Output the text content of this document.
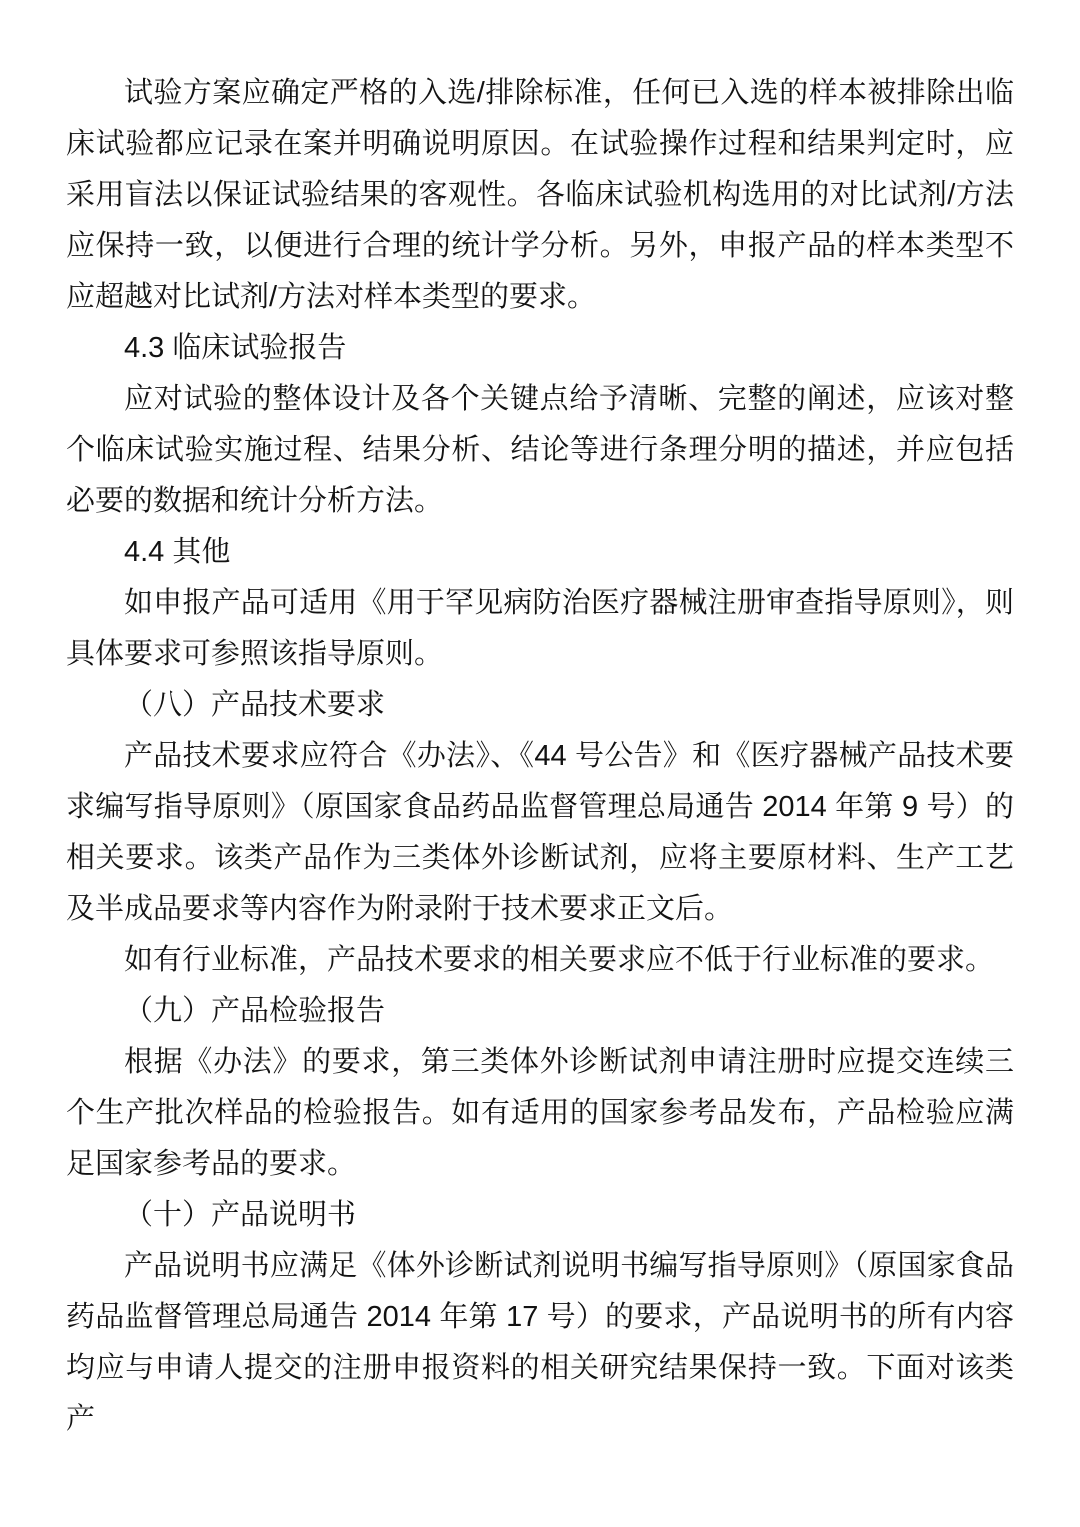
试验方案应确定严格的入选/排除标准，任何已入选的样本被排除出临床试验都应记录在案并明确说明原因。在试验操作过程和结果判定时，应采用盲法以保证试验结果的客观性。各临床试验机构选用的对比试剂/方法应保持一致，以便进行合理的统计学分析。另外，申报产品的样本类型不应超越对比试剂/方法对样本类型的要求。

4.3 临床试验报告

应对试验的整体设计及各个关键点给予清晰、完整的阐述，应该对整个临床试验实施过程、结果分析、结论等进行条理分明的描述，并应包括必要的数据和统计分析方法。

4.4 其他

如申报产品可适用《用于罕见病防治医疗器械注册审查指导原则》，则具体要求可参照该指导原则。

（八）产品技术要求

产品技术要求应符合《办法》、《44 号公告》和《医疗器械产品技术要求编写指导原则》（原国家食品药品监督管理总局通告 2014 年第 9 号）的相关要求。该类产品作为三类体外诊断试剂，应将主要原材料、生产工艺及半成品要求等内容作为附录附于技术要求正文后。

如有行业标准，产品技术要求的相关要求应不低于行业标准的要求。

（九）产品检验报告

根据《办法》的要求，第三类体外诊断试剂申请注册时应提交连续三个生产批次样品的检验报告。如有适用的国家参考品发布，产品检验应满足国家参考品的要求。

（十）产品说明书

产品说明书应满足《体外诊断试剂说明书编写指导原则》（原国家食品药品监督管理总局通告 2014 年第 17 号）的要求，产品说明书的所有内容均应与申请人提交的注册申报资料的相关研究结果保持一致。下面对该类产
